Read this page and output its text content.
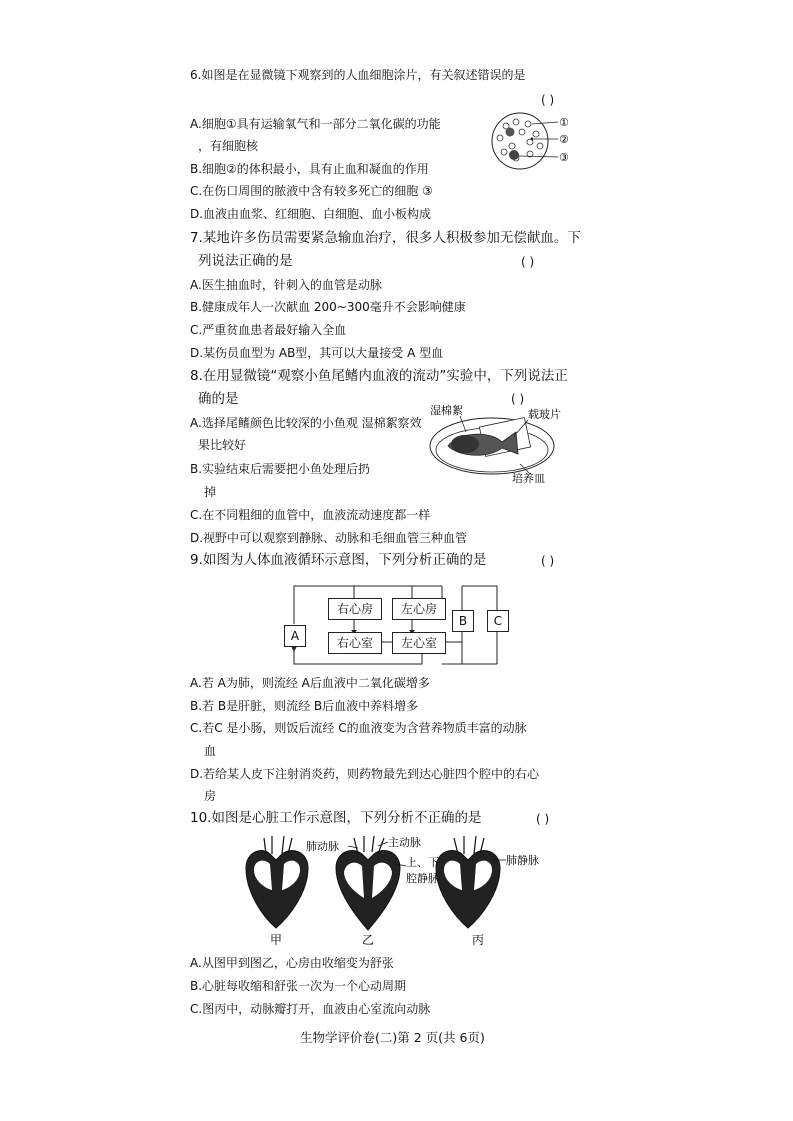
6.如图是在显微镜下观察到的人血细胞涂片，有关叙述错误的是
( )
A.细胞①具有运输氧气和一部分二氧化碳的功能
，有细胞核
B.细胞②的体积最小，具有止血和凝血的作用
C.在伤口周围的脓液中含有较多死亡的细胞 ③
D.血液由血浆、红细胞、白细胞、血小板构成
①
②
③
7.某地许多伤员需要紧急输血治疗，很多人积极参加无偿献血。下
列说法正确的是	( )
A.医生抽血时，针刺入的血管是动脉
B.健康成年人一次献血 200~300毫升不会影响健康
C.严重贫血患者最好输入全血
D.某伤员血型为 AB型，其可以大量接受 A 型血
8.在用显微镜“观察小鱼尾鳍内血液的流动”实验中，下列说法正
确的是	( )
A.选择尾鳍颜色比较深的小鱼观 湿棉絮察效
果比较好
B.实验结束后需要把小鱼处理后扔
掉
C.在不同粗细的血管中，血液流动速度都一样
D.视野中可以观察到静脉、动脉和毛细血管三种血管
湿棉絮	载玻片
培养皿
9.如图为人体血液循环示意图，下列分析正确的是	( )
右心房	左心房
右心室	左心室
A
B	C
A.若 A为肺，则流经 A后血液中二氧化碳增多
B.若 B是肝脏，则流经 B后血液中养料增多
C.若C 是小肠，则饭后流经 C的血液变为含营养物质丰富的动脉
血
D.若给某人皮下注射消炎药，则药物最先到达心脏四个腔中的右心
房
10.如图是心脏工作示意图，下列分析不正确的是	( )
肺动脉	主动脉
上、下
腔静脉
肺静脉
甲	乙	丙
A.从图甲到图乙，心房由收缩变为舒张
B.心脏每收缩和舒张一次为一个心动周期
C.图丙中，动脉瓣打开，血液由心室流向动脉
生物学评价卷(二)第 2 页(共 6页)
